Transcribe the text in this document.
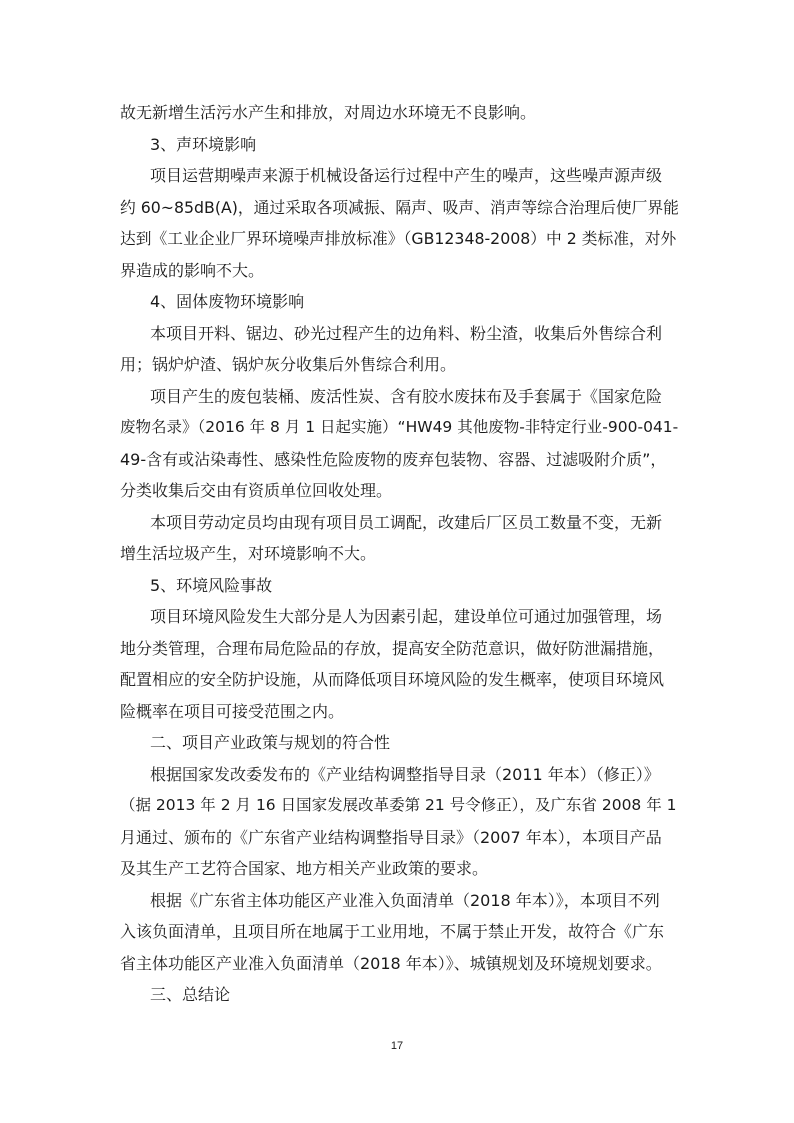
故无新增生活污水产生和排放，对周边水环境无不良影响。
3、声环境影响
项目运营期噪声来源于机械设备运行过程中产生的噪声，这些噪声源声级
约 60~85dB(A)，通过采取各项减振、隔声、吸声、消声等综合治理后使厂界能
达到《工业企业厂界环境噪声排放标准》（GB12348-2008）中 2 类标准，对外
界造成的影响不大。
4、固体废物环境影响
本项目开料、锯边、砂光过程产生的边角料、粉尘渣，收集后外售综合利
用；锅炉炉渣、锅炉灰分收集后外售综合利用。
项目产生的废包装桶、废活性炭、含有胶水废抹布及手套属于《国家危险
废物名录》（2016 年 8 月 1 日起实施）“HW49 其他废物-非特定行业-900-041-
49-含有或沾染毒性、感染性危险废物的废弃包装物、容器、过滤吸附介质”，
分类收集后交由有资质单位回收处理。
本项目劳动定员均由现有项目员工调配，改建后厂区员工数量不变，无新
增生活垃圾产生，对环境影响不大。
5、环境风险事故
项目环境风险发生大部分是人为因素引起，建设单位可通过加强管理，场
地分类管理，合理布局危险品的存放，提高安全防范意识，做好防泄漏措施，
配置相应的安全防护设施，从而降低项目环境风险的发生概率，使项目环境风
险概率在项目可接受范围之内。
二、项目产业政策与规划的符合性
根据国家发改委发布的《产业结构调整指导目录（2011 年本）（修正）》
（据 2013 年 2 月 16 日国家发展改革委第 21 号令修正），及广东省 2008 年 1
月通过、颁布的《广东省产业结构调整指导目录》（2007 年本），本项目产品
及其生产工艺符合国家、地方相关产业政策的要求。
根据《广东省主体功能区产业准入负面清单（2018 年本）》，本项目不列
入该负面清单，且项目所在地属于工业用地，不属于禁止开发，故符合《广东
省主体功能区产业准入负面清单（2018 年本）》、城镇规划及环境规划要求。
三、总结论
17
